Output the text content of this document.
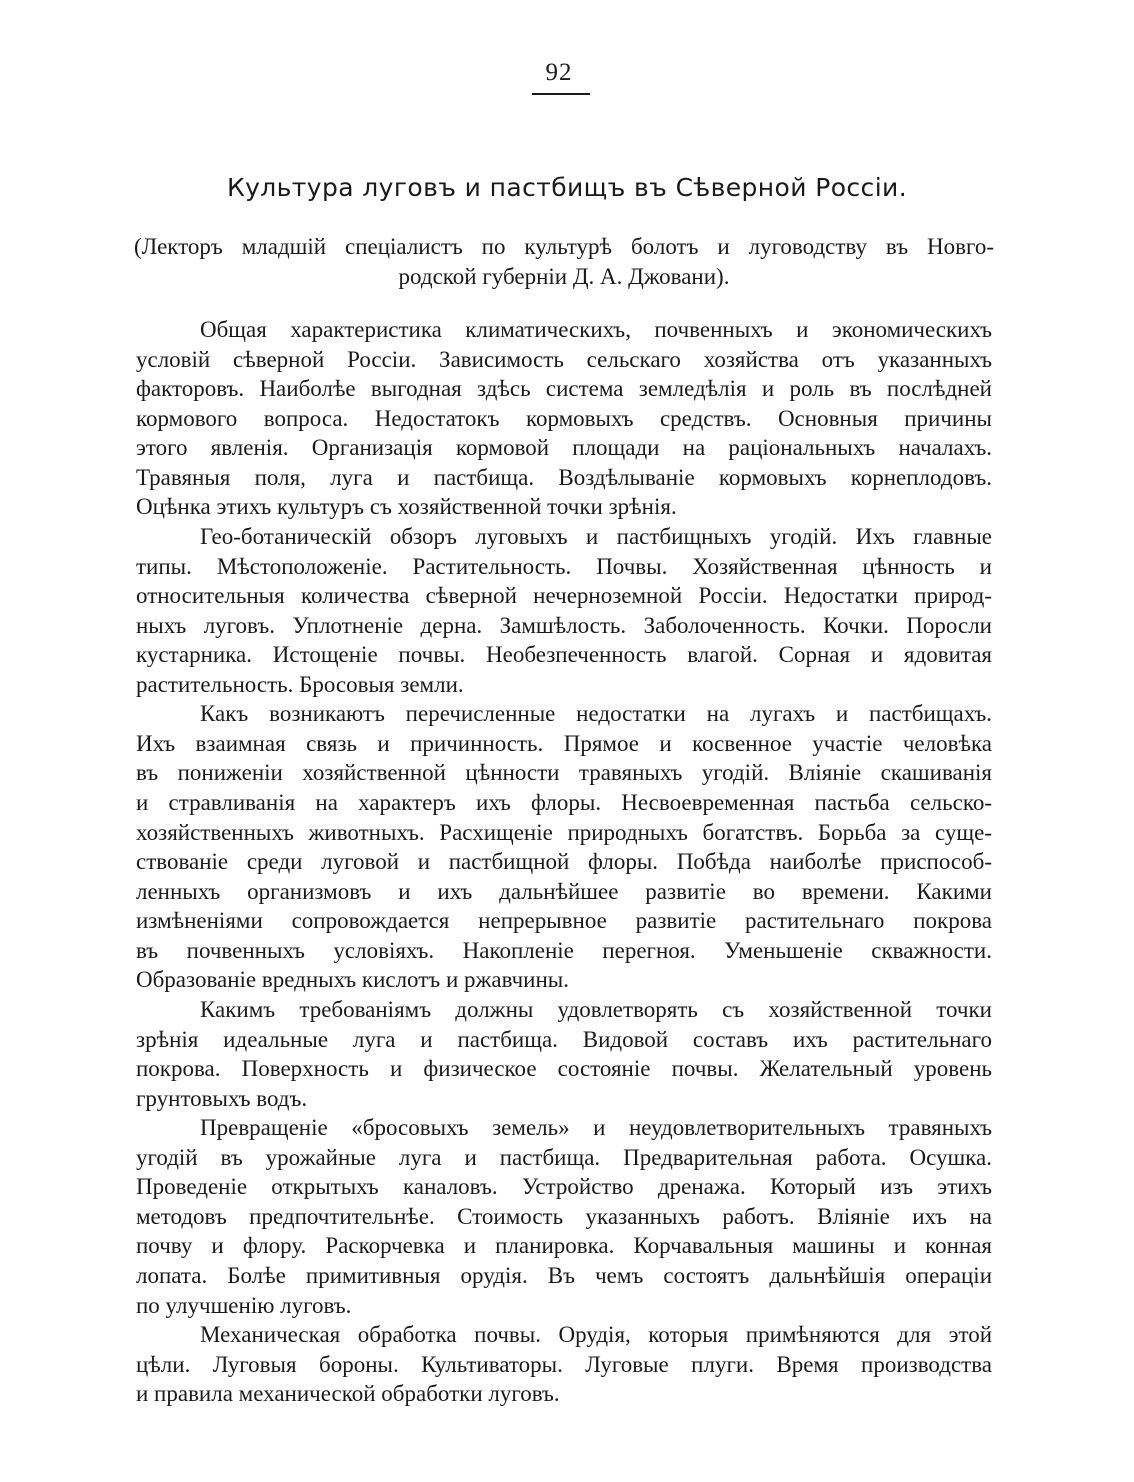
92
Культура луговъ и пастбищъ въ Сѣверной Россіи.
(Лекторъ младшій спеціалистъ по культурѣ болотъ и луговодству въ Новго-
родской губерніи Д. А. Джовани).
Общая характеристика климатическихъ, почвенныхъ и экономическихъ
условій сѣверной Россіи. Зависимость сельскаго хозяйства отъ указанныхъ
факторовъ. Наиболѣе выгодная здѣсь система земледѣлія и роль въ послѣдней
кормового вопроса. Недостатокъ кормовыхъ средствъ. Основныя причины
этого явленія. Организація кормовой площади на раціональныхъ началахъ.
Травяныя поля, луга и пастбища. Воздѣлываніе кормовыхъ корнеплодовъ.
Оцѣнка этихъ культуръ съ хозяйственной точки зрѣнія.
Гео-ботаническій обзоръ луговыхъ и пастбищныхъ угодій. Ихъ главные
типы. Мѣстоположеніе. Растительность. Почвы. Хозяйственная цѣнность и
относительныя количества сѣверной нечерноземной Россіи. Недостатки природ-
ныхъ луговъ. Уплотненіе дерна. Замшѣлость. Заболоченность. Кочки. Поросли
кустарника. Истощеніе почвы. Необезпеченность влагой. Сорная и ядовитая
растительность. Бросовыя земли.
Какъ возникаютъ перечисленные недостатки на лугахъ и пастбищахъ.
Ихъ взаимная связь и причинность. Прямое и косвенное участіе человѣка
въ пониженіи хозяйственной цѣнности травяныхъ угодій. Вліяніе скашиванія
и стравливанія на характеръ ихъ флоры. Несвоевременная пастьба сельско-
хозяйственныхъ животныхъ. Расхищеніе природныхъ богатствъ. Борьба за суще-
ствованіе среди луговой и пастбищной флоры. Побѣда наиболѣе приспособ-
ленныхъ организмовъ и ихъ дальнѣйшее развитіе во времени. Какими
измѣненіями сопровождается непрерывное развитіе растительнаго покрова
въ почвенныхъ условіяхъ. Накопленіе перегноя. Уменьшеніе скважности.
Образованіе вредныхъ кислотъ и ржавчины.
Какимъ требованіямъ должны удовлетворять съ хозяйственной точки
зрѣнія идеальные луга и пастбища. Видовой составъ ихъ растительнаго
покрова. Поверхность и физическое состояніе почвы. Желательный уровень
грунтовыхъ водъ.
Превращеніе «бросовыхъ земель» и неудовлетворительныхъ травяныхъ
угодій въ урожайные луга и пастбища. Предварительная работа. Осушка.
Проведеніе открытыхъ каналовъ. Устройство дренажа. Который изъ этихъ
методовъ предпочтительнѣе. Стоимость указанныхъ работъ. Вліяніе ихъ на
почву и флору. Раскорчевка и планировка. Корчавальныя машины и конная
лопата. Болѣе примитивныя орудія. Въ чемъ состоятъ дальнѣйшія операціи
по улучшенію луговъ.
Механическая обработка почвы. Орудія, которыя примѣняются для этой
цѣли. Луговыя бороны. Культиваторы. Луговые плуги. Время производства
и правила механической обработки луговъ.
